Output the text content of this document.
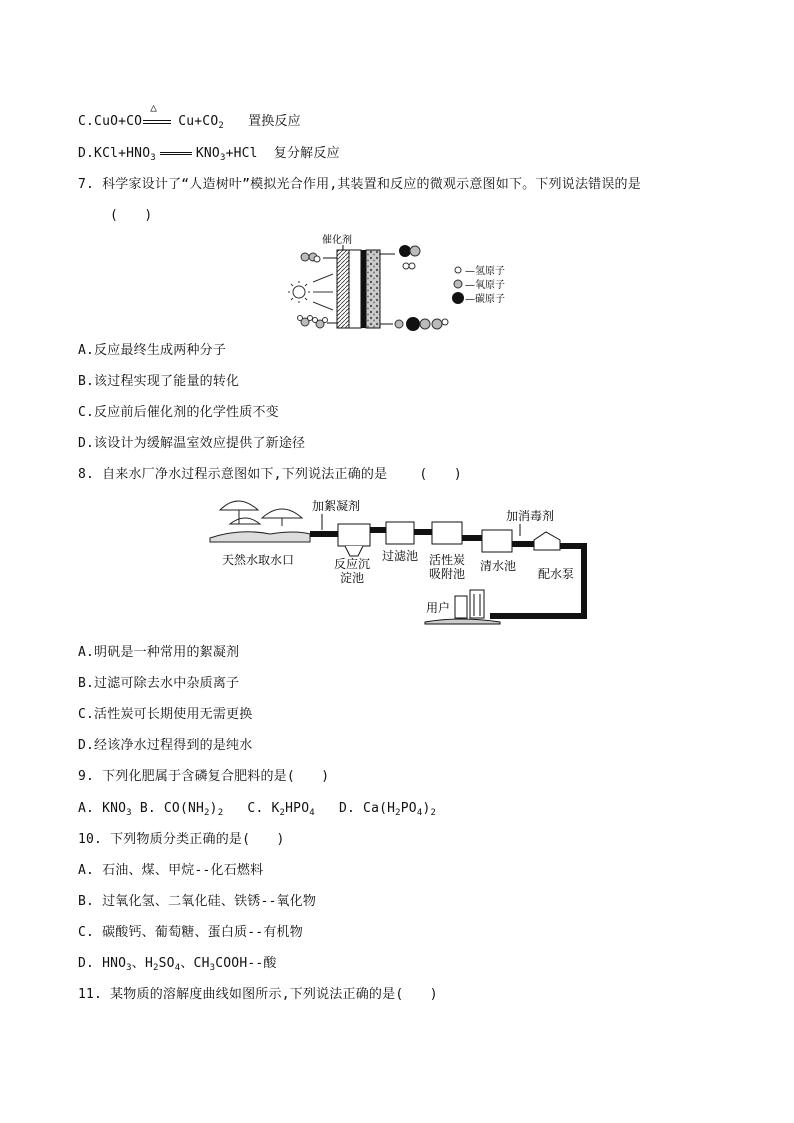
C.CuO+CO
△
$Cu+CO_2$ 置换反应
$D.KCl+HNO_3$	$KNO_3+HCl$ 复分解反应
7. 科学家设计了“人造树叶”模拟光合作用,其装置和反应的微观示意图如下。下列说法错误的是
(　　)
催化剂
—氢原子
—氧原子
—碳原子
A.反应最终生成两种分子
B.该过程实现了能量的转化
C.反应前后催化剂的化学性质不变
D.该设计为缓解温室效应提供了新途径
8. 自来水厂净水过程示意图如下,下列说法正确的是 (　　)
天然水取水口
加絮凝剂
反应沉
淀池
过滤池 活性炭
吸附池
清水池
加消毒剂
配水泵
用户
A.明矾是一种常用的絮凝剂
B.过滤可除去水中杂质离子
C.活性炭可长期使用无需更换
D.经该净水过程得到的是纯水
9. 下列化肥属于含磷复合肥料的是(　　)
A. $KNO_3$ B. $CO(NH_2)_2$ C. $K_2HPO_4$ D. $Ca(H_2PO_4)_2$
10. 下列物质分类正确的是(　　)
A. 石油、煤、甲烷--化石燃料
B. 过氧化氢、二氧化硅、铁锈--氧化物
C. 碳酸钙、葡萄糖、蛋白质--有机物
D. $HNO_3$、$H_2SO_4$、$CH_3COOH--$酸
11. 某物质的溶解度曲线如图所示,下列说法正确的是(　　)
